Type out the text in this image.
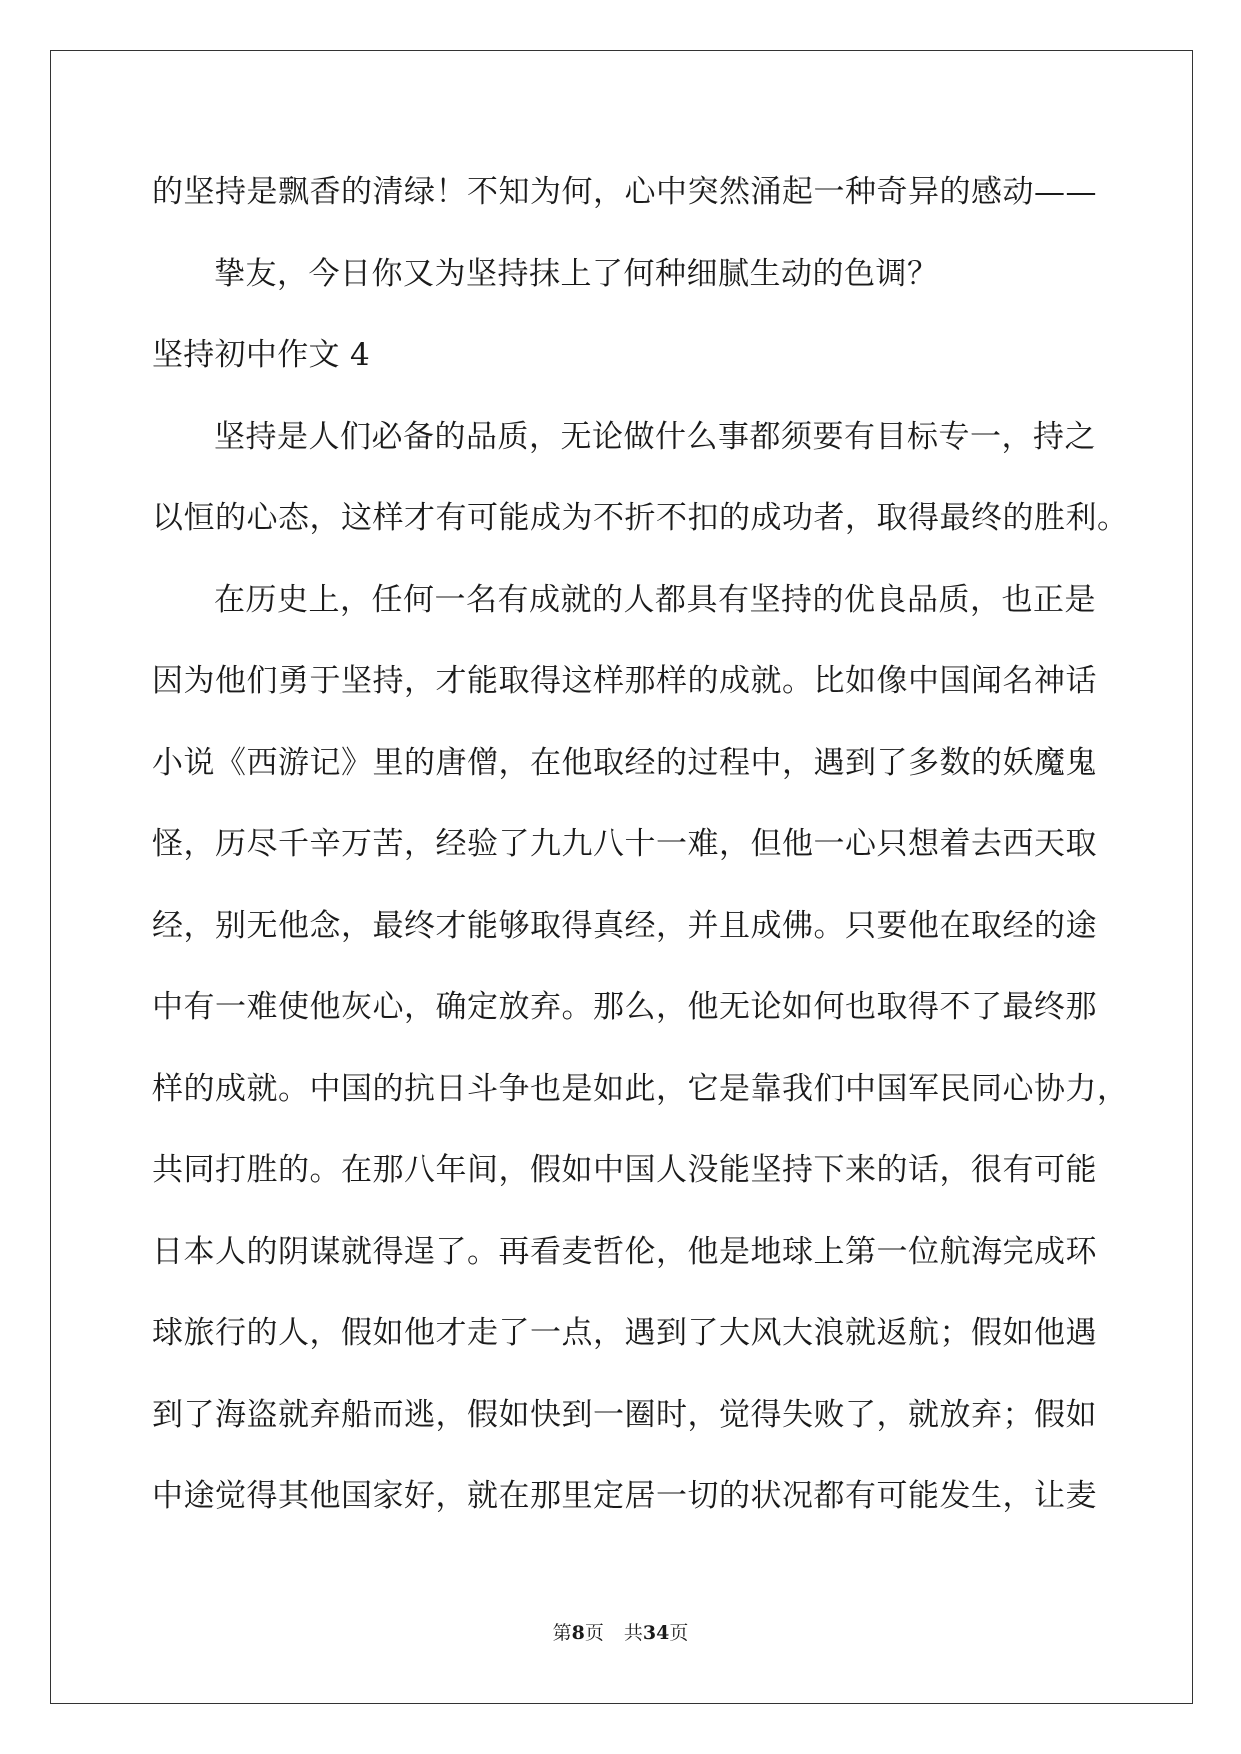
的坚持是飘香的清绿！不知为何，心中突然涌起一种奇异的感动——
挚友，今日你又为坚持抹上了何种细腻生动的色调？
坚持初中作文 4
坚持是人们必备的品质，无论做什么事都须要有目标专一，持之
以恒的心态，这样才有可能成为不折不扣的成功者，取得最终的胜利。
在历史上，任何一名有成就的人都具有坚持的优良品质，也正是
因为他们勇于坚持，才能取得这样那样的成就。比如像中国闻名神话
小说《西游记》里的唐僧，在他取经的过程中，遇到了多数的妖魔鬼
怪，历尽千辛万苦，经验了九九八十一难，但他一心只想着去西天取
经，别无他念，最终才能够取得真经，并且成佛。只要他在取经的途
中有一难使他灰心，确定放弃。那么，他无论如何也取得不了最终那
样的成就。中国的抗日斗争也是如此，它是靠我们中国军民同心协力，
共同打胜的。在那八年间，假如中国人没能坚持下来的话，很有可能
日本人的阴谋就得逞了。再看麦哲伦，他是地球上第一位航海完成环
球旅行的人，假如他才走了一点，遇到了大风大浪就返航；假如他遇
到了海盗就弃船而逃，假如快到一圈时，觉得失败了，就放弃；假如
中途觉得其他国家好，就在那里定居一切的状况都有可能发生，让麦
第8页 共34页
